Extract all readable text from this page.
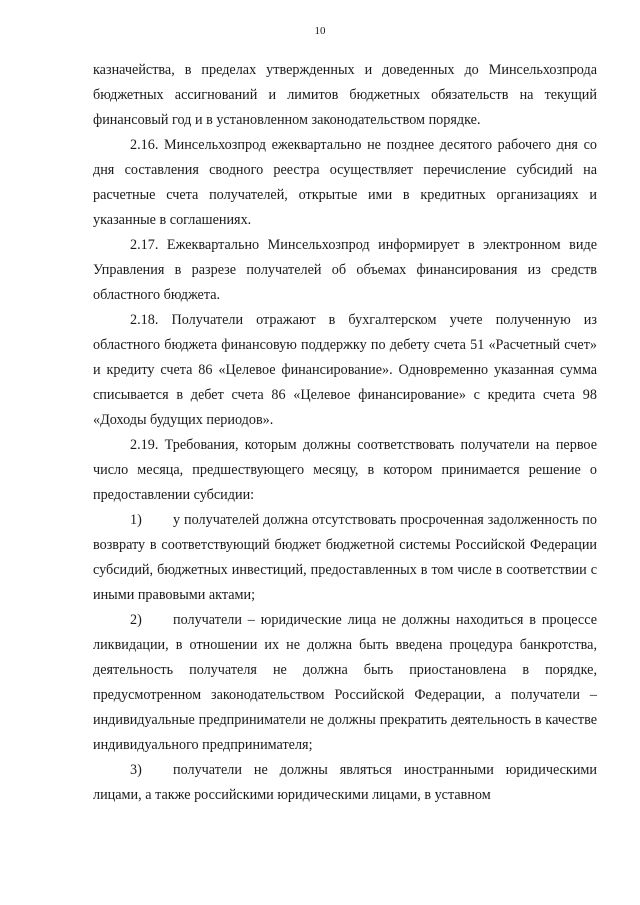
10

казначейства, в пределах утвержденных и доведенных до Минсельхозпрода бюджетных ассигнований и лимитов бюджетных обязательств на текущий финансовый год и в установленном законодательством порядке.

2.16. Минсельхозпрод ежеквартально не позднее десятого рабочего дня со дня составления сводного реестра осуществляет перечисление субсидий на расчетные счета получателей, открытые ими в кредитных организациях и указанные в соглашениях.

2.17. Ежеквартально Минсельхозпрод информирует в электронном виде Управления в разрезе получателей об объемах финансирования из средств областного бюджета.

2.18. Получатели отражают в бухгалтерском учете полученную из областного бюджета финансовую поддержку по дебету счета 51 «Расчетный счет» и кредиту счета 86 «Целевое финансирование». Одновременно указанная сумма списывается в дебет счета 86 «Целевое финансирование» с кредита счета 98 «Доходы будущих периодов».

2.19. Требования, которым должны соответствовать получатели на первое число месяца, предшествующего месяцу, в котором принимается решение о предоставлении субсидии:

1) у получателей должна отсутствовать просроченная задолженность по возврату в соответствующий бюджет бюджетной системы Российской Федерации субсидий, бюджетных инвестиций, предоставленных в том числе в соответствии с иными правовыми актами;

2) получатели – юридические лица не должны находиться в процессе ликвидации, в отношении их не должна быть введена процедура банкротства, деятельность получателя не должна быть приостановлена в порядке, предусмотренном законодательством Российской Федерации, а получатели – индивидуальные предприниматели не должны прекратить деятельность в качестве индивидуального предпринимателя;

3) получатели не должны являться иностранными юридическими лицами, а также российскими юридическими лицами, в уставном
